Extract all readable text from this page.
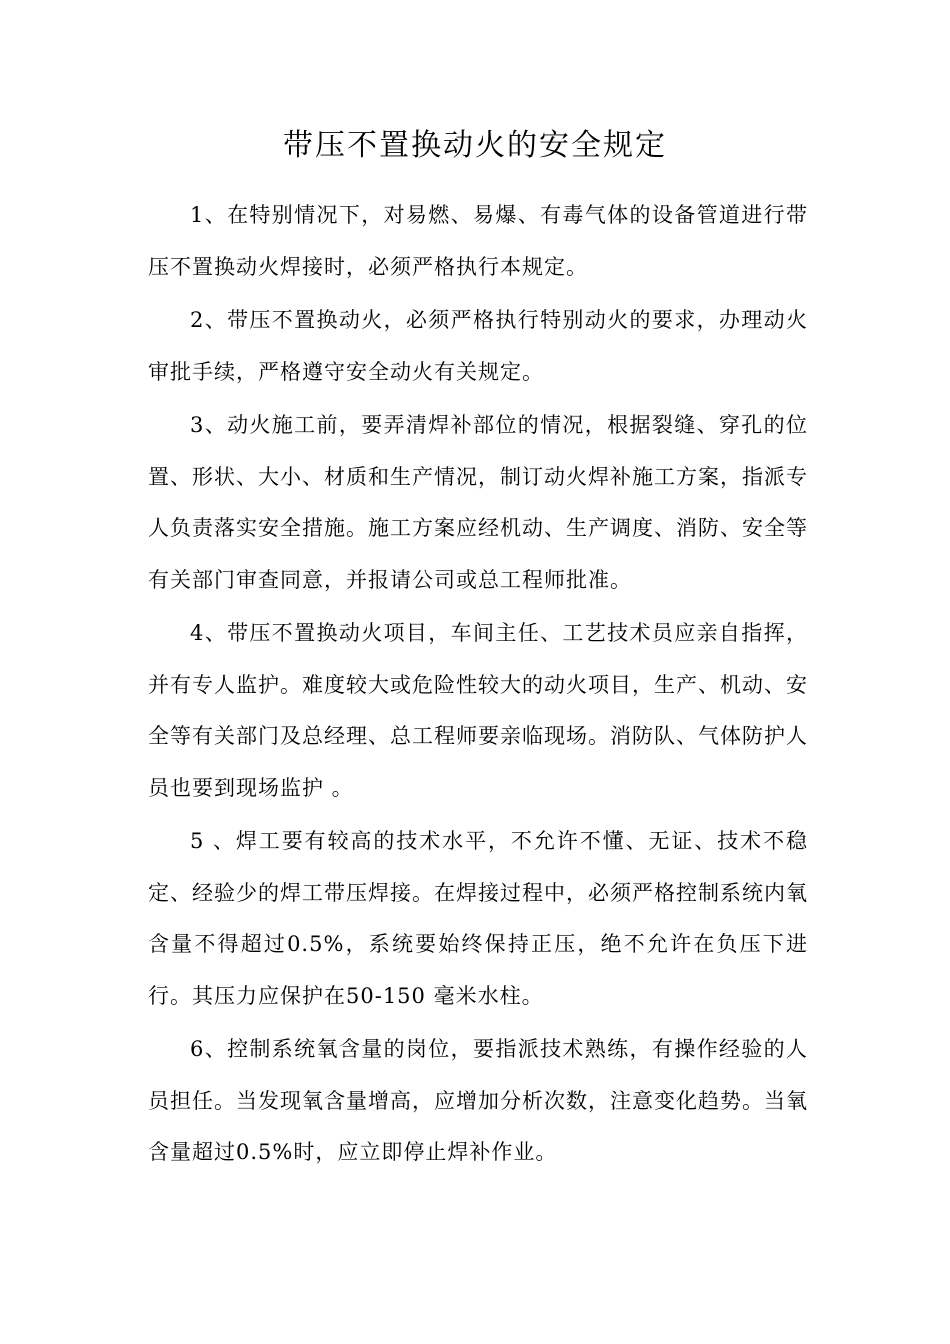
带压不置换动火的安全规定

1、在特别情况下，对易燃、易爆、有毒气体的设备管道进行带压不置换动火焊接时，必须严格执行本规定。

2、带压不置换动火，必须严格执行特别动火的要求，办理动火审批手续，严格遵守安全动火有关规定。

3、动火施工前，要弄清焊补部位的情况，根据裂缝、穿孔的位置、形状、大小、材质和生产情况，制订动火焊补施工方案，指派专人负责落实安全措施。施工方案应经机动、生产调度、消防、安全等有关部门审查同意，并报请公司或总工程师批准。

4、带压不置换动火项目，车间主任、工艺技术员应亲自指挥，并有专人监护。难度较大或危险性较大的动火项目，生产、机动、安全等有关部门及总经理、总工程师要亲临现场。消防队、气体防护人员也要到现场监护 。

5 、焊工要有较高的技术水平，不允许不懂、无证、技术不稳定、经验少的焊工带压焊接。在焊接过程中，必须严格控制系统内氧含量不得超过0.5%，系统要始终保持正压，绝不允许在负压下进行。其压力应保护在50-150 毫米水柱。

6、控制系统氧含量的岗位，要指派技术熟练，有操作经验的人员担任。当发现氧含量增高，应增加分析次数，注意变化趋势。当氧含量超过0.5%时，应立即停止焊补作业。
